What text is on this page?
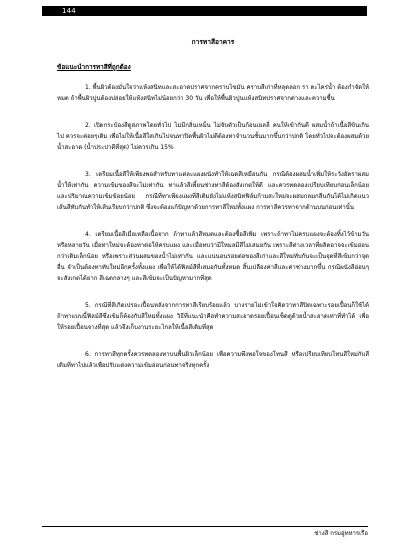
144
การทาสีอาคาร
ข้อแนะนำการทาสีที่ถูกต้อง

1. พื้นผิวต้องมั่นใจว่าแห้งสนิทและสะอาดปราศจากคราบไขมัน คราบสีเก่าที่หลุดลอก รา ตะไคร่น้ำ ต้องกำจัดให้หมด ถ้าพื้นผิวปูนต้องปล่อยให้แห้งสนิทไม่น้อยกว่า 30 วัน เพื่อให้พื้นผิวปูนแห้งสนิทปราศจากด่างและความชื้น

2. เปิดกระป๋องสีดูสภาพโดยทั่วไป ไม่มีกลิ่นเหม็น ไม่จับตัวเป็นก้อนเยลลี่ คนให้เข้ากันดี ผสมน้ำถ้าเนื้อสีข้นเกินไป ควรจะค่อยๆเติม เพื่อไม่ให้เนื้อสีใสเกินไปจนทาปิดพื้นผิวไม่ดีต้องทาจำนวนชั้นมากขึ้นกว่าปกติ โดยทั่วไปจะต้องผสมด้วยน้ำสะอาด (น้ำประปาดีที่สุด) ไม่ควรเกิน 15%

3. เตรียมเนื้อสีให้เพียงพอสำหรับทาแต่ละแผงผนังทำให้เฉดสีเหมือนกัน กรณีต้องผสมน้ำเพิ่มให้ระวังอัตราผสมน้ำให้เท่ากัน ความเข้มของสีจะไม่เท่ากัน ทาแล้วสีเพี้ยนช่างทาสีต้องสังเกตให้ดี และควรทดลองเปรียบเทียบก่อนเล็กน้อย และปริมาณความเข้มข้อยน้อย กรณีที่ทาเพียงแผงที่สีเติมยังไม่แห้งสนิทฟิล์มก้ามสะใหม่จะผสมกลมกลืนกันได้ไม่เกิดแนวเส้นสีทับกันทำให้เส้นเรียบกว่าปกติ ซึ่งจะต้องแก้ปัญหาด้วยการทาสีใหม่ทั้งแผง การทาสีควรทาจากด้านบนก่อนเท่านั้น

4. เตรียมเนื้อสีเมื่อเหลือเนื้อจาก ถ้าทาแล้วสีหมดและต้องซื้อสีเพิ่ม เพราะถ้าทาไม่ครบแผงจะต้องทิ้งไว้ข้ามวันหรือหลายวัน เมื่อทาใหม่จะต้องทาต่อให้ครบแผง และเมื่อทบว่ามีใหมลมีสีไม่เสมอกัน เพราะสีต่างเวลาที่ผลิตอาจจะเข้มอ่อนกว่าเดิมเล็กน้อย หรือเพราะส่วนผสมของน้ำไม่เท่ากัน และแน่นอนรอยต่อของสีเก่าและสีใหม่ทับกันจะเป็นจุดที่สีเข้มกว่าจุดอื่น จำเป็นต้องทาทับใหม่อีกครั้งทั้งแผง เพื่อให้ได้ฟิลม์สีที่เสมอกันทั้งหมด สิ้นเปลืองค่าสีและค่าช่างมากขึ้น กรณีผนังสีอ่อนๆ จะสังเกตได้ยาก สีเฉดกลางๆ และสีเข้มจะเป็นปัญหามากที่สุด

5. กรณีที่สีเกิดเปรอะเปื้อนหลังจากการทาสีเรียบร้อยแล้ว บางรายไม่เข้าใจคิดว่าทาสีปิดเฉพาะรอยเปื้อนก็ใช้ได้ ถ้าทาแบบนี้ฟิลม์สีซึ่งเข้มก็ต้องกับสีใหม่ทั้งแผง วิธีที่แนะนำคือทำความสะอาดรอยเปื้อนเช็ดดูด้วยน้ำสะอาดเท่าที่ทำได้ เพื่อให้รอยเปื้อนจางที่สุด แล้วจึงเก็บงานระยะไกลให้เนื้อสีเดิมที่สุด

6. การทาสีทุกครั้งควรทดลองทาบนพื้นผิวเล็กน้อย เพื่อความพึงพอใจของโทนสี หรือเปรียบเทียบโทนสีใหม่กับสีเดิมที่ทาไปแล้วเพื่อปรับแต่งความเข้มอ่อนก่อนทาจริงทุกครั้ง

ช่างสี กรมอู่ทหารเรือ
